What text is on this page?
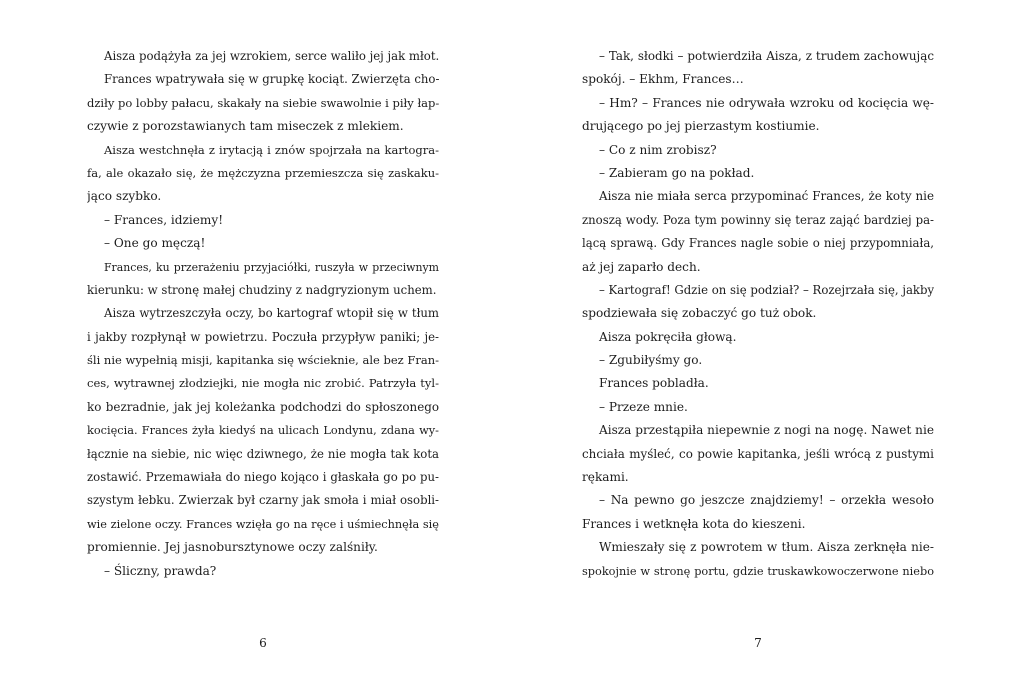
Aisza podążyła za jej wzrokiem, serce waliło jej jak młot.
Frances wpatrywała się w grupkę kociąt. Zwierzęta cho-
dziły po lobby pałacu, skakały na siebie swawolnie i piły łap-
czywie z porozstawianych tam miseczek z mlekiem.
Aisza westchnęła z irytacją i znów spojrzała na kartogra-
fa, ale okazało się, że mężczyzna przemieszcza się zaskaku-
jąco szybko.
– Frances, idziemy!
– One go męczą!
Frances, ku przerażeniu przyjaciółki, ruszyła w przeciwnym
kierunku: w stronę małej chudziny z nadgryzionym uchem.
Aisza wytrzeszczyła oczy, bo kartograf wtopił się w tłum
i jakby rozpłynął w powietrzu. Poczuła przypływ paniki; je-
śli nie wypełnią misji, kapitanka się wścieknie, ale bez Fran-
ces, wytrawnej złodziejki, nie mogła nic zrobić. Patrzyła tyl-
ko bezradnie, jak jej koleżanka podchodzi do spłoszonego
kocięcia. Frances żyła kiedyś na ulicach Londynu, zdana wy-
łącznie na siebie, nic więc dziwnego, że nie mogła tak kota
zostawić. Przemawiała do niego kojąco i głaskała go po pu-
szystym łebku. Zwierzak był czarny jak smoła i miał osobli-
wie zielone oczy. Frances wzięła go na ręce i uśmiechnęła się
promiennie. Jej jasnobursztynowe oczy zalśniły.
– Śliczny, prawda?
6
– Tak, słodki – potwierdziła Aisza, z trudem zachowując
spokój. – Ekhm, Frances…
– Hm? – Frances nie odrywała wzroku od kocięcia wę-
drującego po jej pierzastym kostiumie.
– Co z nim zrobisz?
– Zabieram go na pokład.
Aisza nie miała serca przypominać Frances, że koty nie
znoszą wody. Poza tym powinny się teraz zająć bardziej pa-
lącą sprawą. Gdy Frances nagle sobie o niej przypomniała,
aż jej zaparło dech.
– Kartograf! Gdzie on się podział? – Rozejrzała się, jakby
spodziewała się zobaczyć go tuż obok.
Aisza pokręciła głową.
– Zgubiłyśmy go.
Frances pobladła.
– Przeze mnie.
Aisza przestąpiła niepewnie z nogi na nogę. Nawet nie
chciała myśleć, co powie kapitanka, jeśli wrócą z pustymi
rękami.
– Na pewno go jeszcze znajdziemy! – orzekła wesoło
Frances i wetknęła kota do kieszeni.
Wmieszały się z powrotem w tłum. Aisza zerknęła nie-
spokojnie w stronę portu, gdzie truskawkowoczerwone niebo
7
